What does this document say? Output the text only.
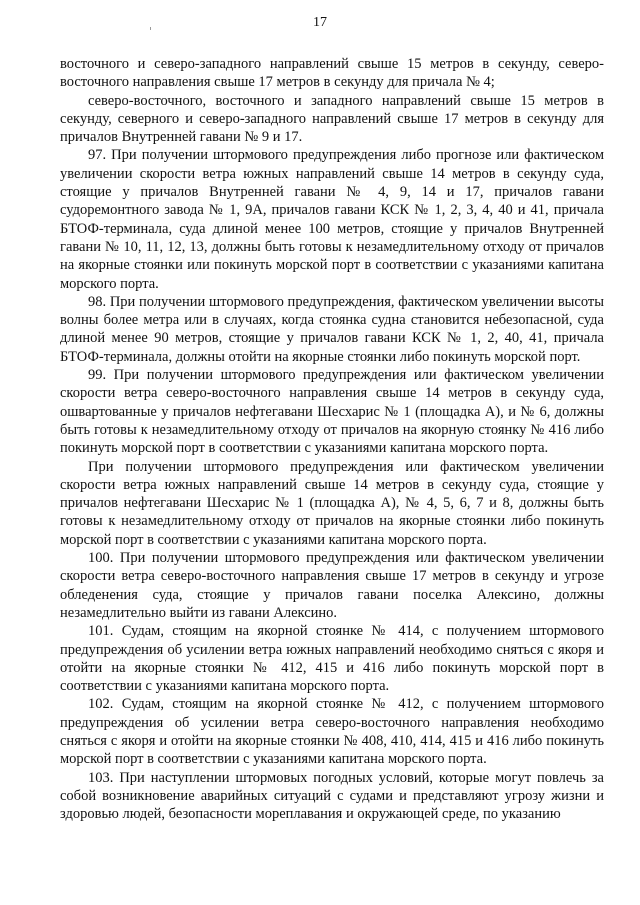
17

восточного и северо-западного направлений свыше 15 метров в секунду, северо-восточного направления свыше 17 метров в секунду для причала № 4;

северо-восточного, восточного и западного направлений свыше 15 метров в секунду, северного и северо-западного направлений свыше 17 метров в секунду для причалов Внутренней гавани № 9 и 17.

97. При получении штормового предупреждения либо прогнозе или фактическом увеличении скорости ветра южных направлений свыше 14 метров в секунду суда, стоящие у причалов Внутренней гавани № 4, 9, 14 и 17, причалов гавани судоремонтного завода № 1, 9А, причалов гавани КСК № 1, 2, 3, 4, 40 и 41, причала БТОФ-терминала, суда длиной менее 100 метров, стоящие у причалов Внутренней гавани № 10, 11, 12, 13, должны быть готовы к незамедлительному отходу от причалов на якорные стоянки или покинуть морской порт в соответствии с указаниями капитана морского порта.

98. При получении штормового предупреждения, фактическом увеличении высоты волны более метра или в случаях, когда стоянка судна становится небезопасной, суда длиной менее 90 метров, стоящие у причалов гавани КСК № 1, 2, 40, 41, причала БТОФ-терминала, должны отойти на якорные стоянки либо покинуть морской порт.

99. При получении штормового предупреждения или фактическом увеличении скорости ветра северо-восточного направления свыше 14 метров в секунду суда, ошвартованные у причалов нефтегавани Шесхарис № 1 (площадка А), и № 6, должны быть готовы к незамедлительному отходу от причалов на якорную стоянку № 416 либо покинуть морской порт в соответствии с указаниями капитана морского порта.

При получении штормового предупреждения или фактическом увеличении скорости ветра южных направлений свыше 14 метров в секунду суда, стоящие у причалов нефтегавани Шесхарис № 1 (площадка А), № 4, 5, 6, 7 и 8, должны быть готовы к незамедлительному отходу от причалов на якорные стоянки либо покинуть морской порт в соответствии с указаниями капитана морского порта.

100. При получении штормового предупреждения или фактическом увеличении скорости ветра северо-восточного направления свыше 17 метров в секунду и угрозе обледенения суда, стоящие у причалов гавани поселка Алексино, должны незамедлительно выйти из гавани Алексино.

101. Судам, стоящим на якорной стоянке № 414, с получением штормового предупреждения об усилении ветра южных направлений необходимо сняться с якоря и отойти на якорные стоянки № 412, 415 и 416 либо покинуть морской порт в соответствии с указаниями капитана морского порта.

102. Судам, стоящим на якорной стоянке № 412, с получением штормового предупреждения об усилении ветра северо-восточного направления необходимо сняться с якоря и отойти на якорные стоянки № 408, 410, 414, 415 и 416 либо покинуть морской порт в соответствии с указаниями капитана морского порта.

103. При наступлении штормовых погодных условий, которые могут повлечь за собой возникновение аварийных ситуаций с судами и представляют угрозу жизни и здоровью людей, безопасности мореплавания и окружающей среде, по указанию
